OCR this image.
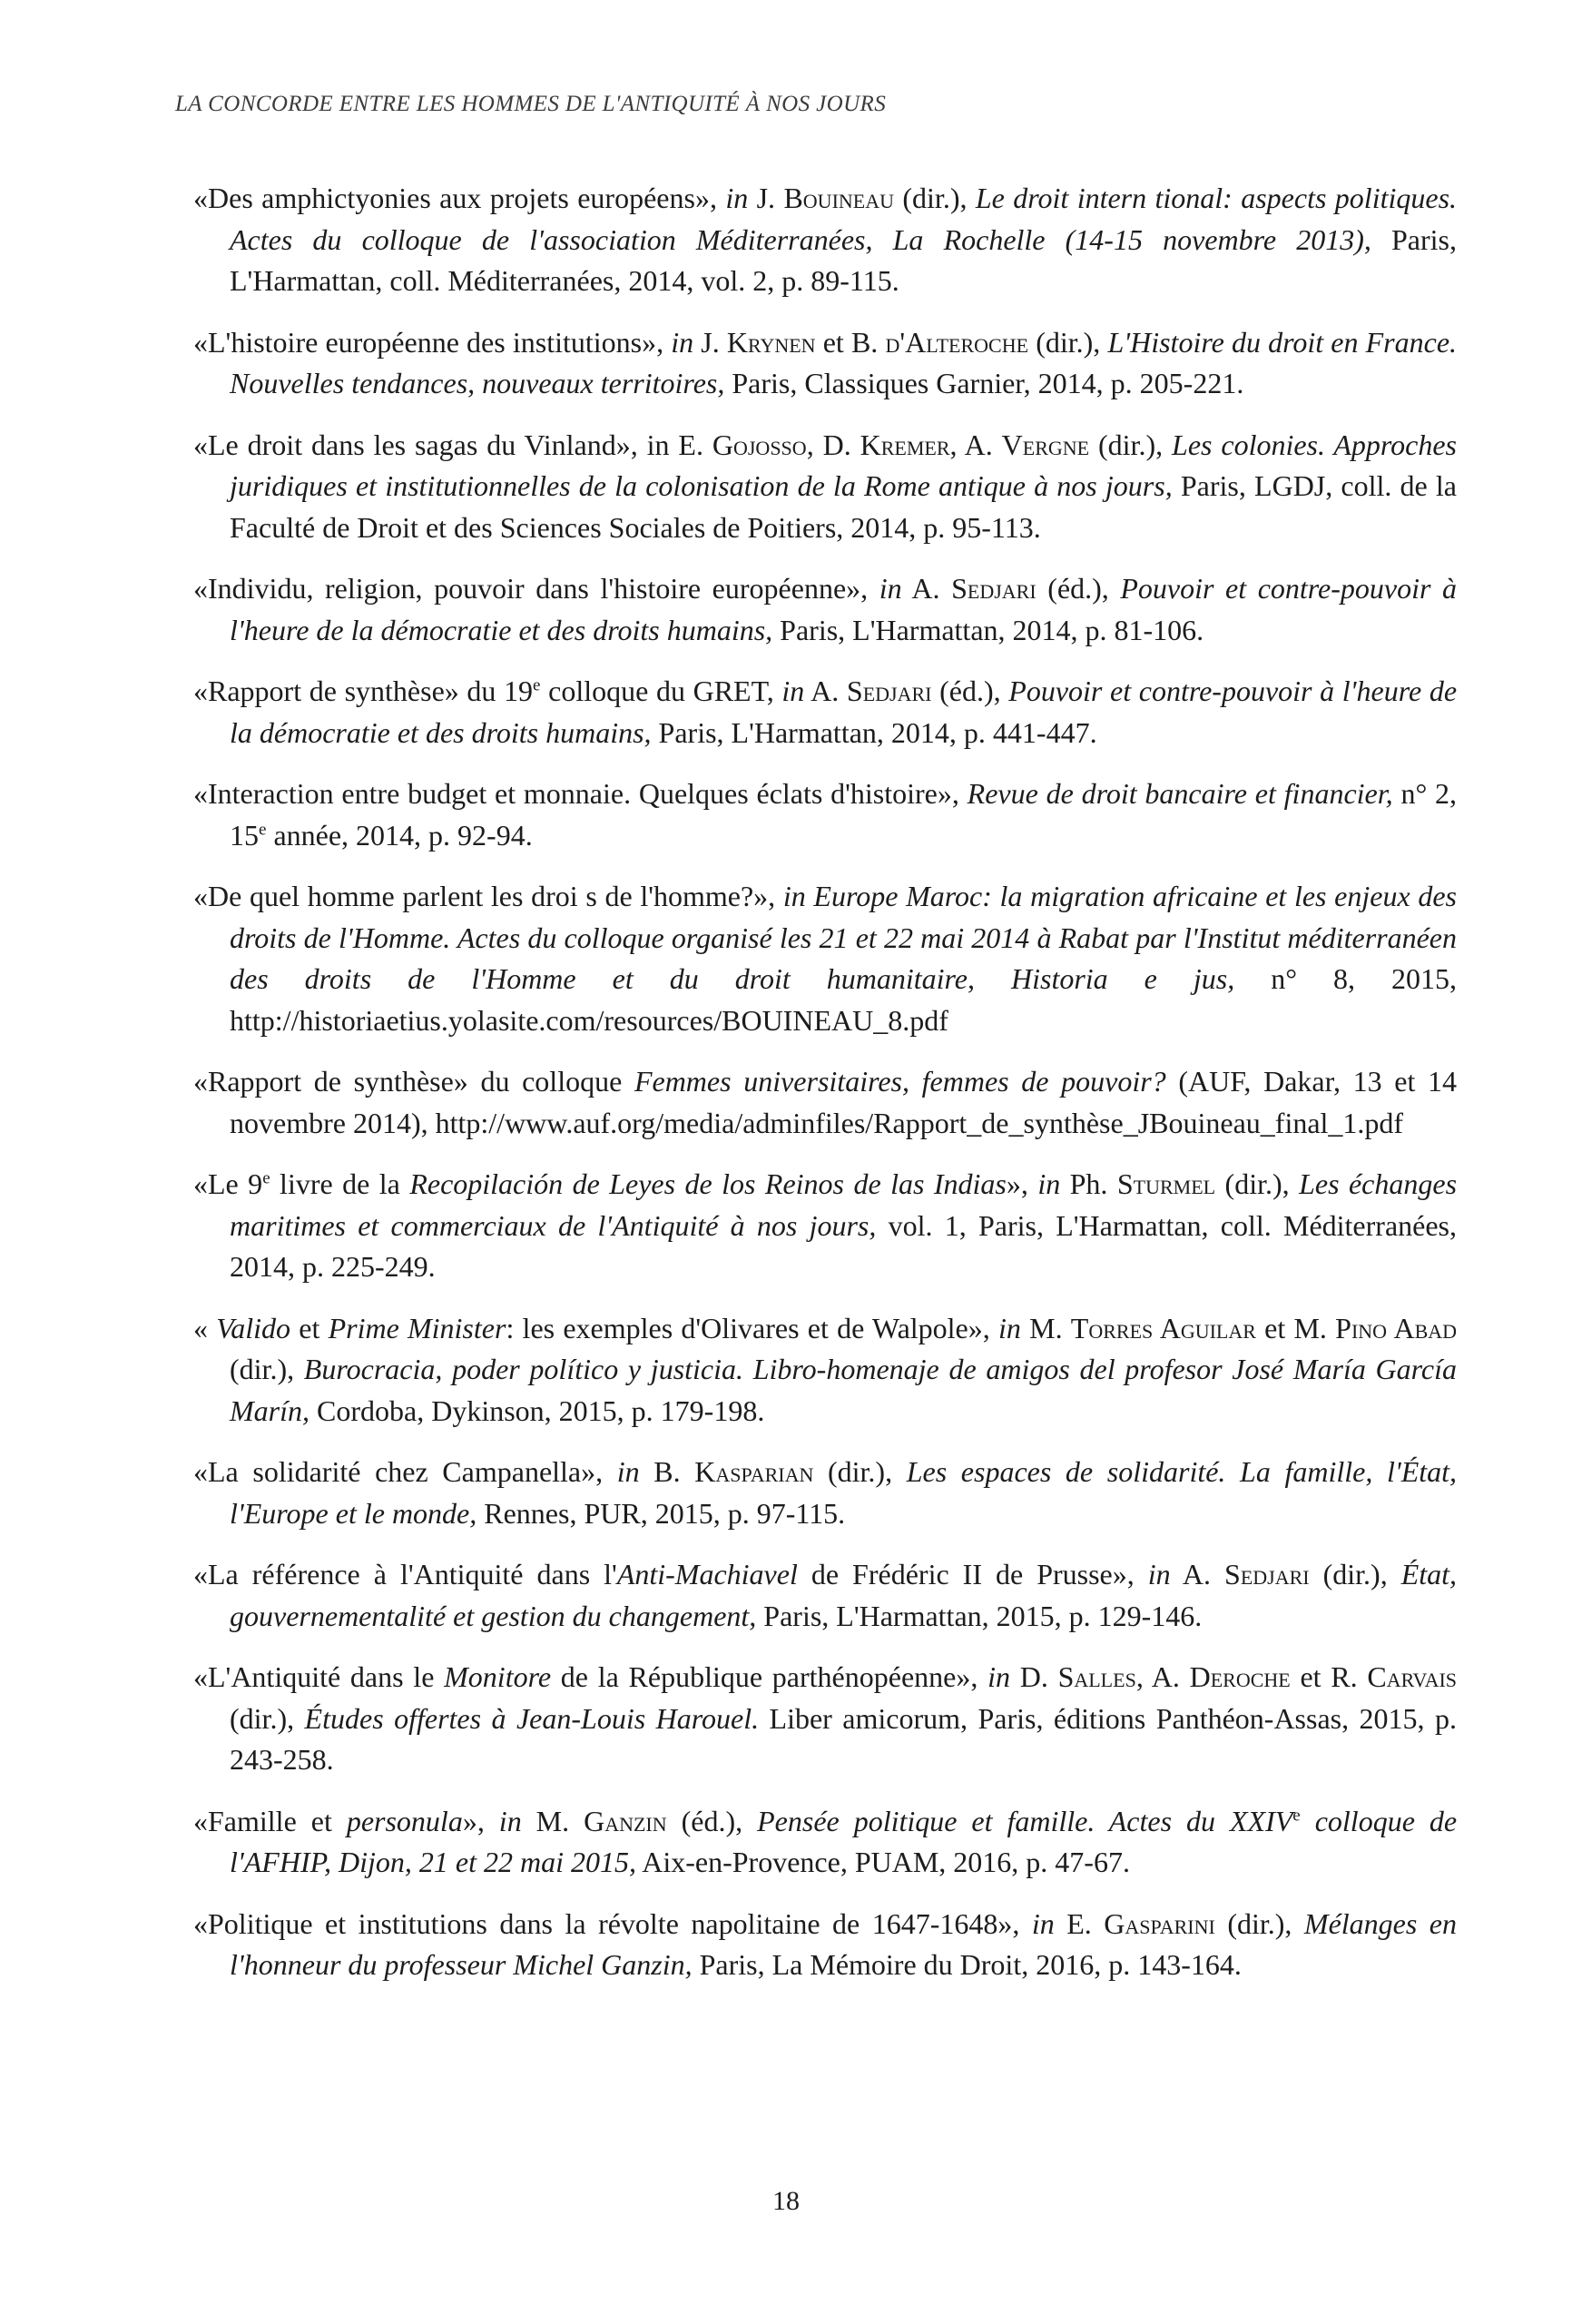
LA CONCORDE ENTRE LES HOMMES DE L'ANTIQUITÉ À NOS JOURS

«Des amphictyonies aux projets européens», in J. Bouineau (dir.), Le droit intern tional: aspects politiques. Actes du colloque de l'association Méditerranées, La Rochelle (14-15 novembre 2013), Paris, L'Harmattan, coll. Méditerranées, 2014, vol. 2, p. 89-115.

«L'histoire européenne des institutions», in J. Krynen et B. d'Alteroche (dir.), L'Histoire du droit en France. Nouvelles tendances, nouveaux territoires, Paris, Classiques Garnier, 2014, p. 205-221.

«Le droit dans les sagas du Vinland», in E. Gojosso, D. Kremer, A. Vergne (dir.), Les colonies. Approches juridiques et institutionnelles de la colonisation de la Rome antique à nos jours, Paris, LGDJ, coll. de la Faculté de Droit et des Sciences Sociales de Poitiers, 2014, p. 95-113.

«Individu, religion, pouvoir dans l'histoire européenne», in A. Sedjari (éd.), Pouvoir et contre-pouvoir à l'heure de la démocratie et des droits humains, Paris, L'Harmattan, 2014, p. 81-106.

«Rapport de synthèse» du 19e colloque du GRET, in A. Sedjari (éd.), Pouvoir et contre-pouvoir à l'heure de la démocratie et des droits humains, Paris, L'Harmattan, 2014, p. 441-447.

«Interaction entre budget et monnaie. Quelques éclats d'histoire», Revue de droit bancaire et financier, n° 2, 15e année, 2014, p. 92-94.

«De quel homme parlent les droi s de l'homme?», in Europe Maroc: la migration africaine et les enjeux des droits de l'Homme. Actes du colloque organisé les 21 et 22 mai 2014 à Rabat par l'Institut méditerranéen des droits de l'Homme et du droit humanitaire, Historia e jus, n° 8, 2015, http://historiaetius.yolasite.com/resources/BOUINEAU_8.pdf

«Rapport de synthèse» du colloque Femmes universitaires, femmes de pouvoir? (AUF, Dakar, 13 et 14 novembre 2014), http://www.auf.org/media/adminfiles/Rapport_de_synthèse_JBouineau_final_1.pdf

«Le 9e livre de la Recopilación de Leyes de los Reinos de las Indias», in Ph. Sturmel (dir.), Les échanges maritimes et commerciaux de l'Antiquité à nos jours, vol. 1, Paris, L'Harmattan, coll. Méditerranées, 2014, p. 225-249.

« Valido et Prime Minister: les exemples d'Olivares et de Walpole», in M. Torres Aguilar et M. Pino Abad (dir.), Burocracia, poder político y justicia. Libro-homenaje de amigos del profesor José María García Marín, Cordoba, Dykinson, 2015, p. 179-198.

«La solidarité chez Campanella», in B. Kasparian (dir.), Les espaces de solidarité. La famille, l'État, l'Europe et le monde, Rennes, PUR, 2015, p. 97-115.

«La référence à l'Antiquité dans l'Anti-Machiavel de Frédéric II de Prusse», in A. Sedjari (dir.), État, gouvernementalité et gestion du changement, Paris, L'Harmattan, 2015, p. 129-146.

«L'Antiquité dans le Monitore de la République parthénopéenne», in D. Salles, A. Deroche et R. Carvais (dir.), Études offertes à Jean-Louis Harouel. Liber amicorum, Paris, éditions Panthéon-Assas, 2015, p. 243-258.

«Famille et personula», in M. Ganzin (éd.), Pensée politique et famille. Actes du XXIVe colloque de l'AFHIP, Dijon, 21 et 22 mai 2015, Aix-en-Provence, PUAM, 2016, p. 47-67.

«Politique et institutions dans la révolte napolitaine de 1647-1648», in E. Gasparini (dir.), Mélanges en l'honneur du professeur Michel Ganzin, Paris, La Mémoire du Droit, 2016, p. 143-164.

18
